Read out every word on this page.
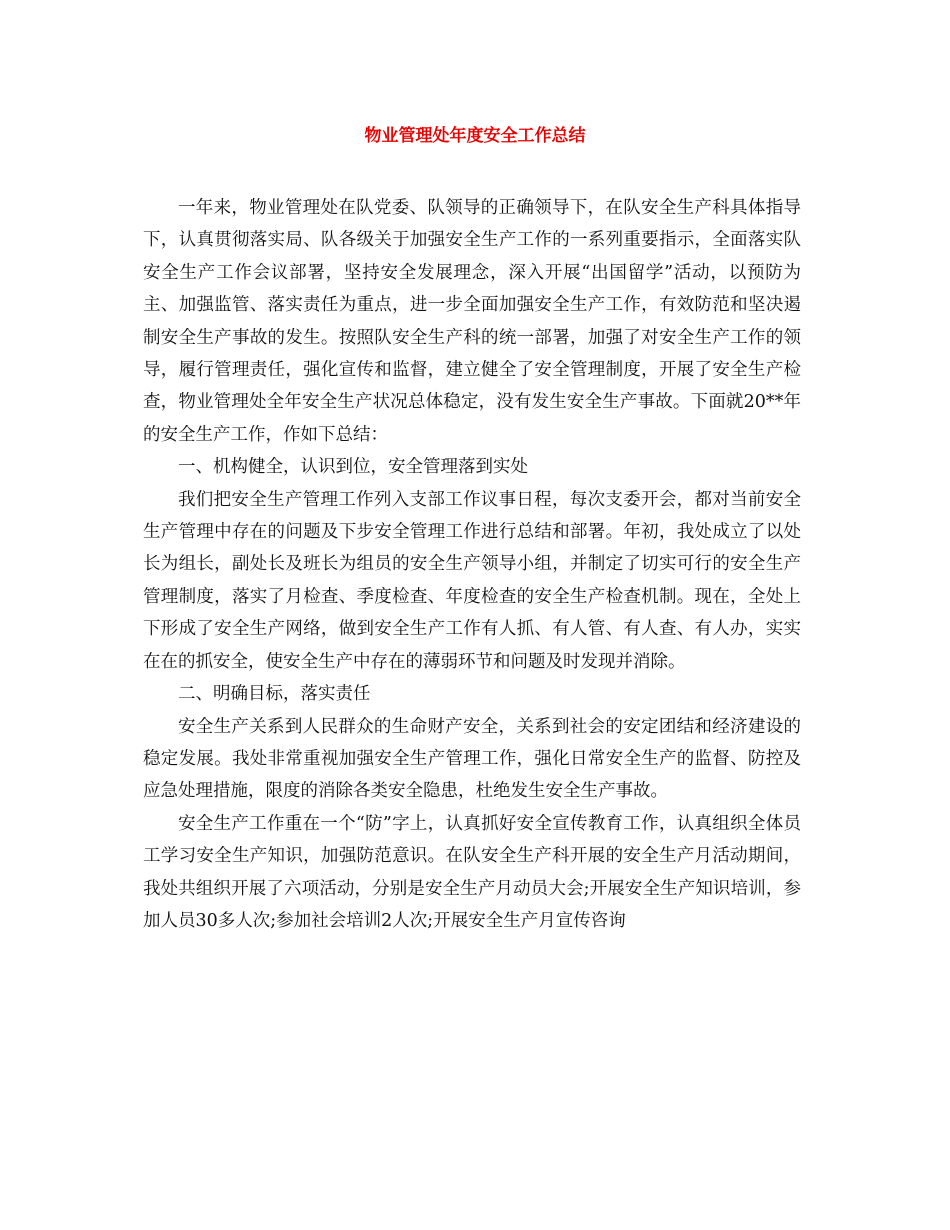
物业管理处年度安全工作总结

一年来，物业管理处在队党委、队领导的正确领导下，在队安全生产科具体指导下，认真贯彻落实局、队各级关于加强安全生产工作的一系列重要指示，全面落实队安全生产工作会议部署，坚持安全发展理念，深入开展“出国留学”活动，以预防为主、加强监管、落实责任为重点，进一步全面加强安全生产工作，有效防范和坚决遏制安全生产事故的发生。按照队安全生产科的统一部署，加强了对安全生产工作的领导，履行管理责任，强化宣传和监督，建立健全了安全管理制度，开展了安全生产检查，物业管理处全年安全生产状况总体稳定，没有发生安全生产事故。下面就20**年的安全生产工作，作如下总结：

一、机构健全，认识到位，安全管理落到实处

我们把安全生产管理工作列入支部工作议事日程，每次支委开会，都对当前安全生产管理中存在的问题及下步安全管理工作进行总结和部署。年初，我处成立了以处长为组长，副处长及班长为组员的安全生产领导小组，并制定了切实可行的安全生产管理制度，落实了月检查、季度检查、年度检查的安全生产检查机制。现在，全处上下形成了安全生产网络，做到安全生产工作有人抓、有人管、有人查、有人办，实实在在的抓安全，使安全生产中存在的薄弱环节和问题及时发现并消除。

二、明确目标，落实责任

安全生产关系到人民群众的生命财产安全，关系到社会的安定团结和经济建设的稳定发展。我处非常重视加强安全生产管理工作，强化日常安全生产的监督、防控及应急处理措施，限度的消除各类安全隐患，杜绝发生安全生产事故。

安全生产工作重在一个“防”字上，认真抓好安全宣传教育工作，认真组织全体员工学习安全生产知识，加强防范意识。在队安全生产科开展的安全生产月活动期间，我处共组织开展了六项活动，分别是安全生产月动员大会;开展安全生产知识培训，参加人员30多人次;参加社会培训2人次;开展安全生产月宣传咨询
